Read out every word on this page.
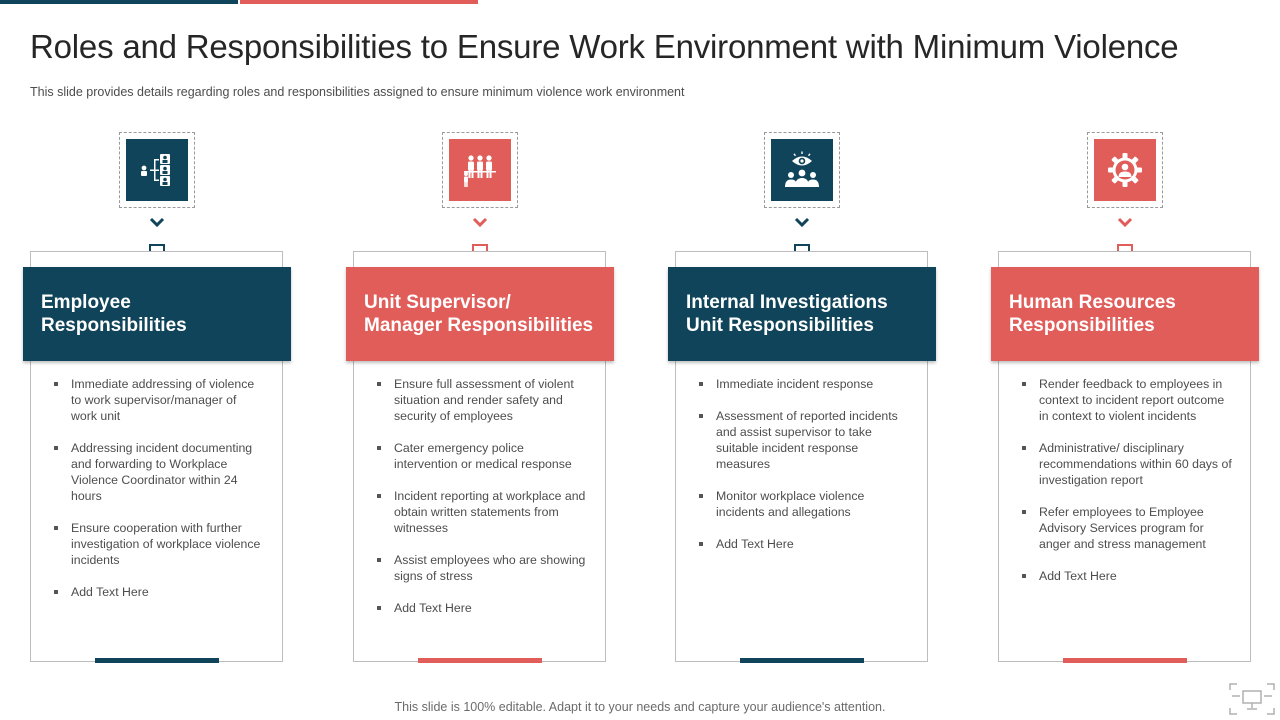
Roles and Responsibilities to Ensure Work Environment with Minimum Violence

This slide provides details regarding roles and responsibilities assigned to ensure minimum violence work environment

Employee
Responsibilities
Immediate addressing of violence to work supervisor/manager of work unit
Addressing incident documenting and forwarding to Workplace Violence Coordinator within 24 hours
Ensure cooperation with further investigation of workplace violence incidents
Add Text Here
Unit Supervisor/
Manager Responsibilities
Ensure full assessment of violent situation and render safety and security of employees
Cater emergency police intervention or medical response
Incident reporting at workplace and obtain written statements from witnesses
Assist employees who are showing signs of stress
Add Text Here
Internal Investigations
Unit Responsibilities
Immediate incident response
Assessment of reported incidents and assist supervisor to take suitable incident response measures
Monitor workplace violence incidents and allegations
Add Text Here
Human Resources
Responsibilities
Render feedback to employees in context to incident report outcome in context to violent incidents
Administrative/ disciplinary recommendations within 60 days of investigation report
Refer employees to Employee Advisory Services program for anger and stress management
Add Text Here

This slide is 100% editable. Adapt it to your needs and capture your audience's attention.
